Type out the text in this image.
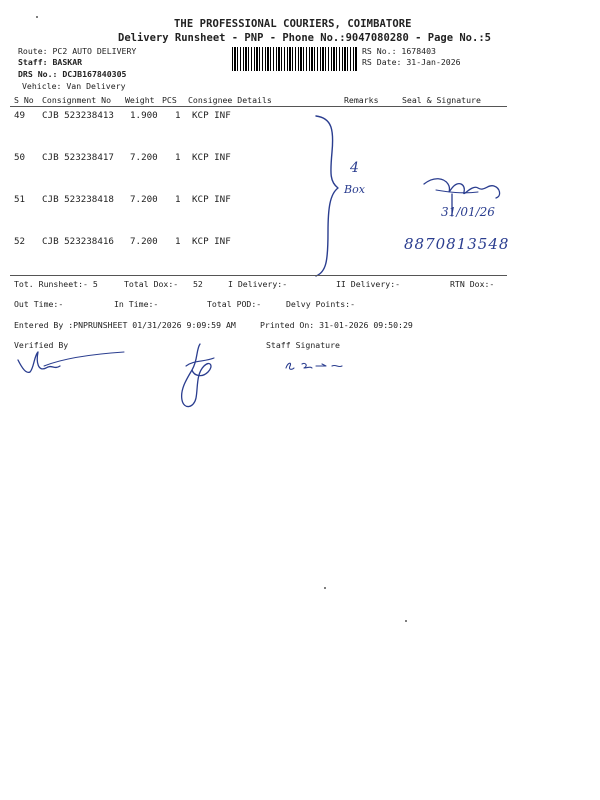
THE PROFESSIONAL COURIERS, COIMBATORE
Delivery Runsheet - PNP - Phone No.:9047080280 - Page No.:5
Route: PC2 AUTO DELIVERY
Staff: BASKAR
DRS No.: DCJB167840305
Vehicle: Van Delivery
RS No.: 1678403
RS Date: 31-Jan-2026
S No Consignment No Weight PCS Consignee Details	Remarks	Seal & Signature
49 CJB 523238413 1.900 1 KCP INF
50 CJB 523238417 7.200 1 KCP INF
51 CJB 523238418 7.200 1 KCP INF
52 CJB 523238416 7.200 1 KCP INF
4
Box
31/01/26
8870813548
Tot. Runsheet:- 5	Total Dox:- 52	I Delivery:-	II Delivery:-	RTN Dox:-
Out Time:-	In Time:-	Total POD:-	Delvy Points:-
Entered By :PNPRUNSHEET 01/31/2026 9:09:59 AM	Printed On: 31-01-2026 09:50:29
Verified By	Staff Signature
